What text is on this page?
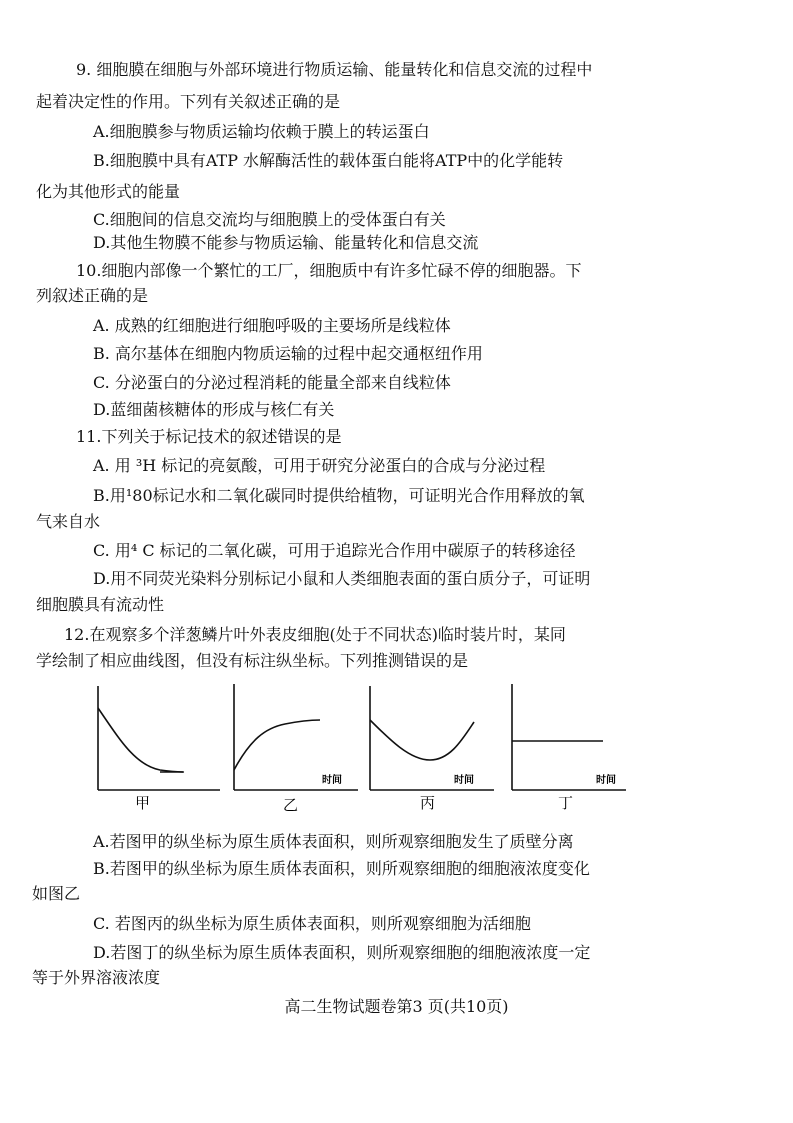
9. 细胞膜在细胞与外部环境进行物质运输、能量转化和信息交流的过程中
起着决定性的作用。下列有关叙述正确的是
A.细胞膜参与物质运输均依赖于膜上的转运蛋白
B.细胞膜中具有ATP 水解酶活性的载体蛋白能将ATP中的化学能转
化为其他形式的能量
C.细胞间的信息交流均与细胞膜上的受体蛋白有关
D.其他生物膜不能参与物质运输、能量转化和信息交流
10.细胞内部像一个繁忙的工厂，细胞质中有许多忙碌不停的细胞器。下
列叙述正确的是
A. 成熟的红细胞进行细胞呼吸的主要场所是线粒体
B. 高尔基体在细胞内物质运输的过程中起交通枢纽作用
C. 分泌蛋白的分泌过程消耗的能量全部来自线粒体
D.蓝细菌核糖体的形成与核仁有关
11.下列关于标记技术的叙述错误的是
A. 用 ³H 标记的亮氨酸，可用于研究分泌蛋白的合成与分泌过程
B.用¹80标记水和二氧化碳同时提供给植物，可证明光合作用释放的氧
气来自水
C. 用⁴ C 标记的二氧化碳，可用于追踪光合作用中碳原子的转移途径
D.用不同荧光染料分别标记小鼠和人类细胞表面的蛋白质分子，可证明
细胞膜具有流动性
12.在观察多个洋葱鳞片叶外表皮细胞(处于不同状态)临时装片时，某同
学绘制了相应曲线图，但没有标注纵坐标。下列推测错误的是
甲
时间
乙
时间
丙
时间
丁
A.若图甲的纵坐标为原生质体表面积，则所观察细胞发生了质壁分离
B.若图甲的纵坐标为原生质体表面积，则所观察细胞的细胞液浓度变化
如图乙
C. 若图丙的纵坐标为原生质体表面积，则所观察细胞为活细胞
D.若图丁的纵坐标为原生质体表面积，则所观察细胞的细胞液浓度一定
等于外界溶液浓度
高二生物试题卷第3 页(共10页)
